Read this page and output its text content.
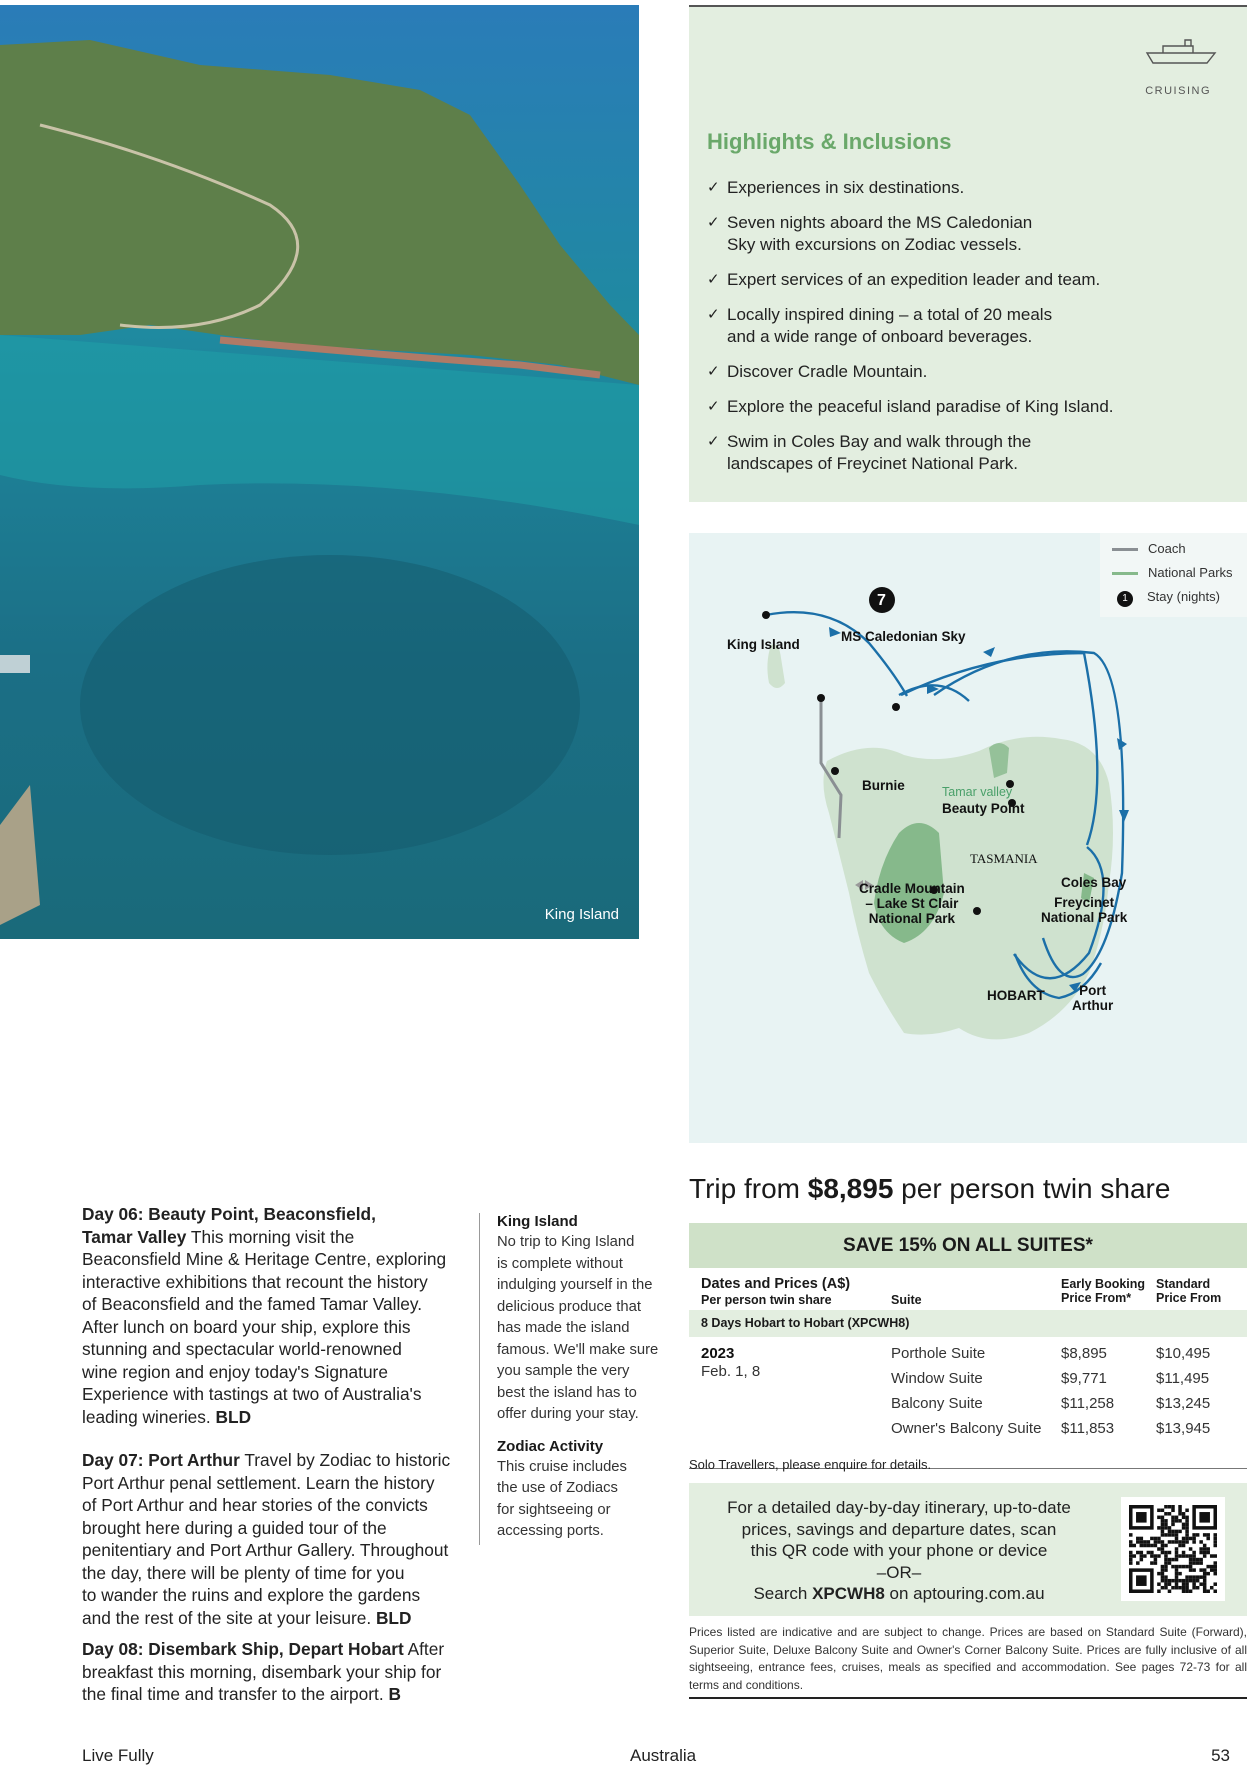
King Island
CRUISING
Highlights & Inclusions
✓ Experiences in six destinations.
✓ Seven nights aboard the MS Caledonian
Sky with excursions on Zodiac vessels.
✓ Expert services of an expedition leader and team.
✓ Locally inspired dining – a total of 20 meals
and a wide range of onboard beverages.
✓ Discover Cradle Mountain.
✓ Explore the peaceful island paradise of King Island.
✓ Swim in Coles Bay and walk through the
landscapes of Freycinet National Park.
Coach
National Parks
1 Stay (nights)
7
MS Caledonian Sky
King Island
Burnie	Tamar valley
Beauty Point
TASMANIA
Cradle Mountain
– Lake St Clair
National Park
Coles Bay
Freycinet
National Park
HOBART	Port
Arthur

Day 06: Beauty Point, Beaconsfield,
Tamar Valley This morning visit the
Beaconsfield Mine & Heritage Centre, exploring
interactive exhibitions that recount the history
of Beaconsfield and the famed Tamar Valley.
After lunch on board your ship, explore this
stunning and spectacular world-renowned
wine region and enjoy today's Signature
Experience with tastings at two of Australia's
leading wineries. BLD

Day 07: Port Arthur Travel by Zodiac to historic
Port Arthur penal settlement. Learn the history
of Port Arthur and hear stories of the convicts
brought here during a guided tour of the
penitentiary and Port Arthur Gallery. Throughout
the day, there will be plenty of time for you
to wander the ruins and explore the gardens
and the rest of the site at your leisure. BLD

Day 08: Disembark Ship, Depart Hobart After
breakfast this morning, disembark your ship for
the final time and transfer to the airport. B

King Island
No trip to King Island
is complete without
indulging yourself in the
delicious produce that
has made the island
famous. We'll make sure
you sample the very
best the island has to
offer during your stay.
Zodiac Activity
This cruise includes
the use of Zodiacs
for sightseeing or
accessing ports.
Trip from $8,895 per person twin share
SAVE 15% ON ALL SUITES*
Dates and Prices (A$)
Per person twin share	Suite
Early Booking
Price From*
Standard
Price From
8 Days Hobart to Hobart (XPCWH8)
2023
Feb. 1, 8
Porthole Suite	$8,895	$10,495
Window Suite	$9,771	$11,495
Balcony Suite	$11,258	$13,245
Owner's Balcony Suite $11,853	$13,945
Solo Travellers, please enquire for details.
For a detailed day-by-day itinerary, up-to-date
prices, savings and departure dates, scan
this QR code with your phone or device
–OR–
Search XPCWH8 on aptouring.com.au
Prices listed are indicative and are subject to change. Prices are based on Standard Suite (Forward), Superior Suite, Deluxe Balcony Suite and Owner's Corner Balcony Suite. Prices are fully inclusive of all sightseeing, entrance fees, cruises, meals as specified and accommodation. See pages 72-73 for all terms and conditions.
Live Fully	Australia	53
